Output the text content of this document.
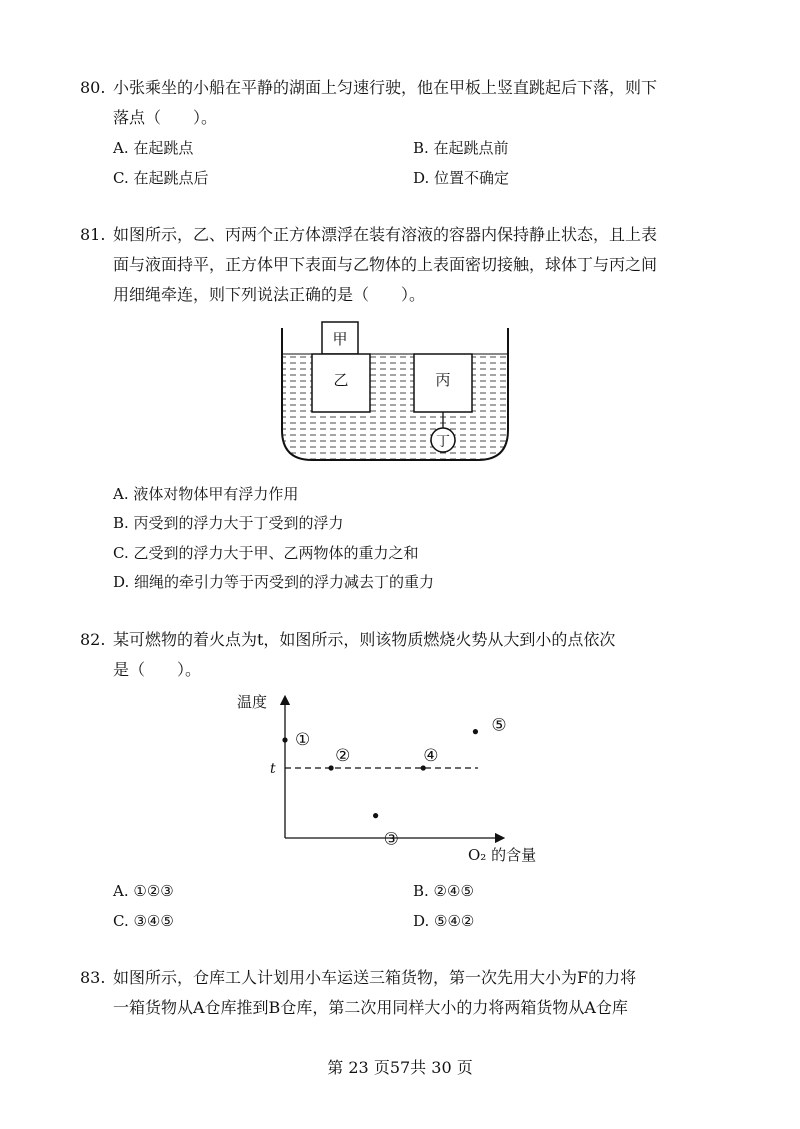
80. 小张乘坐的小船在平静的湖面上匀速行驶，他在甲板上竖直跳起后下落，则下
落点（　　）。
A. 在起跳点	B. 在起跳点前
C. 在起跳点后	D. 位置不确定
81. 如图所示，乙、丙两个正方体漂浮在装有溶液的容器内保持静止状态，且上表
面与液面持平，正方体甲下表面与乙物体的上表面密切接触，球体丁与丙之间
用细绳牵连，则下列说法正确的是（　　）。
甲
乙	丙
丁
A. 液体对物体甲有浮力作用
B. 丙受到的浮力大于丁受到的浮力
C. 乙受到的浮力大于甲、乙两物体的重力之和
D. 细绳的牵引力等于丙受到的浮力减去丁的重力
82. 某可燃物的着火点为t，如图所示，则该物质燃烧火势从大到小的点依次
是（　　）。
温度
O₂ 的含量
t
①
②
③
④
⑤
A. ①②③	B. ②④⑤
C. ③④⑤	D. ⑤④②
83. 如图所示，仓库工人计划用小车运送三箱货物，第一次先用大小为F的力将
一箱货物从A仓库推到B仓库，第二次用同样大小的力将两箱货物从A仓库
第 23 页57共 30 页
